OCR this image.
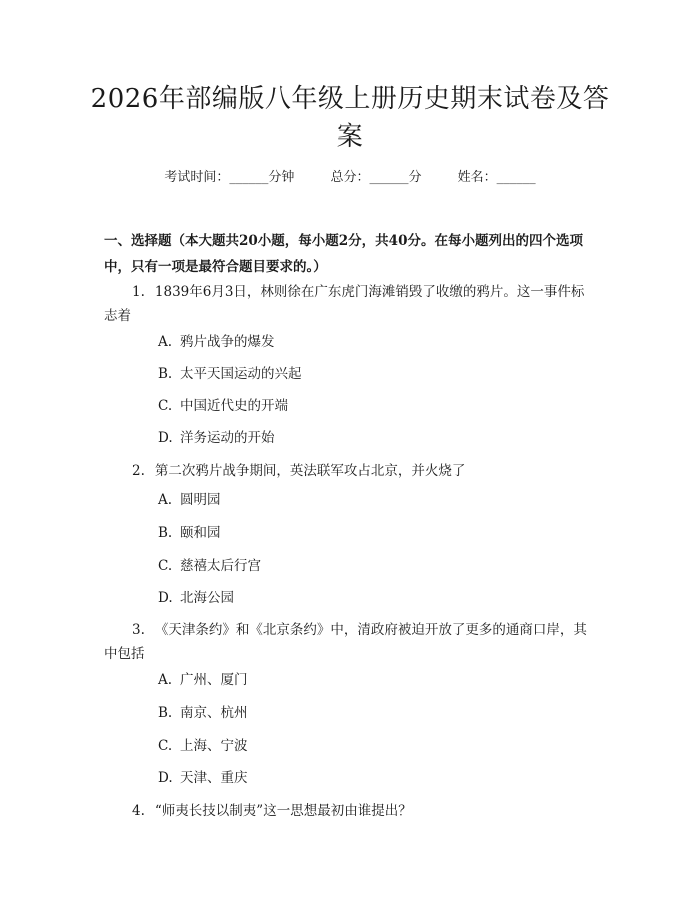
2026年部编版八年级上册历史期末试卷及答案
考试时间：______分钟	总分：______分	姓名：______
一、选择题（本大题共20小题，每小题2分，共40分。在每小题列出的四个选项中，只有一项是最符合题目要求的。）
1. 1839年6月3日，林则徐在广东虎门海滩销毁了收缴的鸦片。这一事件标志着
A. 鸦片战争的爆发
B. 太平天国运动的兴起
C. 中国近代史的开端
D. 洋务运动的开始
2. 第二次鸦片战争期间，英法联军攻占北京，并火烧了
A. 圆明园
B. 颐和园
C. 慈禧太后行宫
D. 北海公园
3. 《天津条约》和《北京条约》中，清政府被迫开放了更多的通商口岸，其中包括
A. 广州、厦门
B. 南京、杭州
C. 上海、宁波
D. 天津、重庆
4. “师夷长技以制夷”这一思想最初由谁提出？
